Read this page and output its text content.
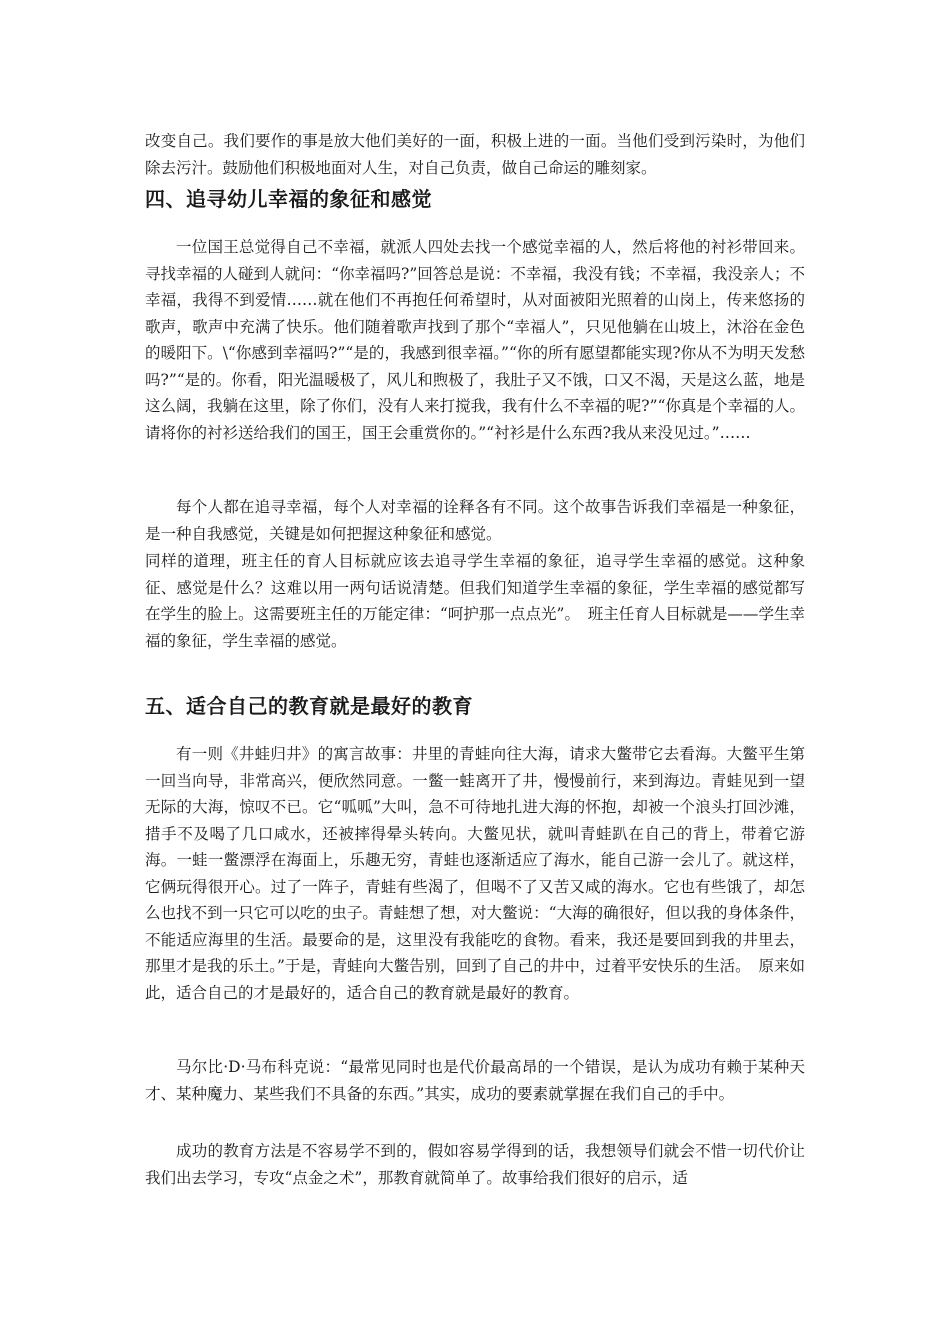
改变自己。我们要作的事是放大他们美好的一面，积极上进的一面。当他们受到污染时，为他们除去污汁。鼓励他们积极地面对人生，对自己负责，做自己命运的雕刻家。

四、追寻幼儿幸福的象征和感觉

一位国王总觉得自己不幸福，就派人四处去找一个感觉幸福的人，然后将他的衬衫带回来。寻找幸福的人碰到人就问：“你幸福吗?”回答总是说：不幸福，我没有钱；不幸福，我没亲人；不幸福，我得不到爱情……就在他们不再抱任何希望时，从对面被阳光照着的山岗上，传来悠扬的歌声，歌声中充满了快乐。他们随着歌声找到了那个“幸福人”，只见他躺在山坡上，沐浴在金色的暖阳下。\“你感到幸福吗?”“是的，我感到很幸福。”“你的所有愿望都能实现?你从不为明天发愁吗?”“是的。你看，阳光温暖极了，风儿和煦极了，我肚子又不饿，口又不渴，天是这么蓝，地是这么阔，我躺在这里，除了你们，没有人来打搅我，我有什么不幸福的呢?”“你真是个幸福的人。请将你的衬衫送给我们的国王，国王会重赏你的。”“衬衫是什么东西?我从来没见过。”……

每个人都在追寻幸福，每个人对幸福的诠释各有不同。这个故事告诉我们幸福是一种象征，是一种自我感觉，关键是如何把握这种象征和感觉。

同样的道理，班主任的育人目标就应该去追寻学生幸福的象征，追寻学生幸福的感觉。这种象征、感觉是什么？这难以用一两句话说清楚。但我们知道学生幸福的象征，学生幸福的感觉都写在学生的脸上。这需要班主任的万能定律：“呵护那一点点光”。　班主任育人目标就是——学生幸福的象征，学生幸福的感觉。

五、适合自己的教育就是最好的教育

有一则《井蛙归井》的寓言故事：井里的青蛙向往大海，请求大鳖带它去看海。大鳖平生第一回当向导，非常高兴，便欣然同意。一鳖一蛙离开了井，慢慢前行，来到海边。青蛙见到一望无际的大海，惊叹不已。它“呱呱”大叫，急不可待地扎进大海的怀抱，却被一个浪头打回沙滩，措手不及喝了几口咸水，还被摔得晕头转向。大鳖见状，就叫青蛙趴在自己的背上，带着它游海。一蛙一鳖漂浮在海面上，乐趣无穷，青蛙也逐渐适应了海水，能自己游一会儿了。就这样，它俩玩得很开心。过了一阵子，青蛙有些渴了，但喝不了又苦又咸的海水。它也有些饿了，却怎么也找不到一只它可以吃的虫子。青蛙想了想，对大鳖说：“大海的确很好，但以我的身体条件，不能适应海里的生活。最要命的是，这里没有我能吃的食物。看来，我还是要回到我的井里去，那里才是我的乐土。”于是，青蛙向大鳖告别，回到了自己的井中，过着平安快乐的生活。　原来如此，适合自己的才是最好的，适合自己的教育就是最好的教育。

马尔比·D·马布科克说：“最常见同时也是代价最高昂的一个错误，是认为成功有赖于某种天才、某种魔力、某些我们不具备的东西。”其实，成功的要素就掌握在我们自己的手中。

成功的教育方法是不容易学不到的，假如容易学得到的话，我想领导们就会不惜一切代价让我们出去学习，专攻“点金之术”，那教育就简单了。故事给我们很好的启示，适
